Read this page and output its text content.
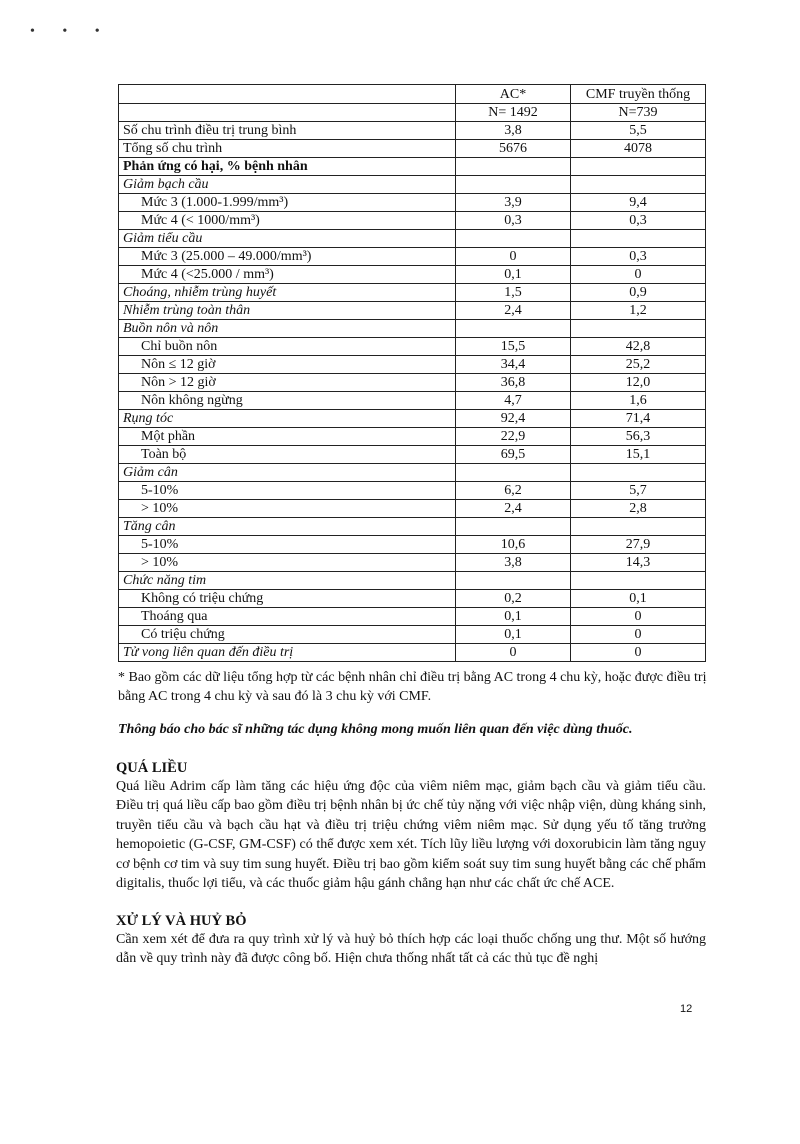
• • •
	AC*	CMF truyền thống
	N= 1492	N=739
Số chu trình điều trị trung bình	3,8	5,5
Tổng số chu trình	5676	4078
Phản ứng có hại, % bệnh nhân		
Giảm bạch cầu		
Mức 3 (1.000-1.999/mm³)	3,9	9,4
Mức 4 (< 1000/mm³)	0,3	0,3
Giảm tiểu cầu		
Mức 3 (25.000 – 49.000/mm³)	0	0,3
Mức 4 (<25.000 / mm³)	0,1	0
Choáng, nhiễm trùng huyết	1,5	0,9
Nhiễm trùng toàn thân	2,4	1,2
Buồn nôn và nôn		
Chỉ buồn nôn	15,5	42,8
Nôn ≤ 12 giờ	34,4	25,2
Nôn > 12 giờ	36,8	12,0
Nôn không ngừng	4,7	1,6
Rụng tóc	92,4	71,4
Một phần	22,9	56,3
Toàn bộ	69,5	15,1
Giảm cân		
5-10%	6,2	5,7
> 10%	2,4	2,8
Tăng cân		
5-10%	10,6	27,9
> 10%	3,8	14,3
Chức năng tim		
Không có triệu chứng	0,2	0,1
Thoáng qua	0,1	0
Có triệu chứng	0,1	0
Tử vong liên quan đến điều trị	0	0
* Bao gồm các dữ liệu tổng hợp từ các bệnh nhân chỉ điều trị bằng AC trong 4 chu kỳ, hoặc được điều trị bằng AC trong 4 chu kỳ và sau đó là 3 chu kỳ với CMF.
Thông báo cho bác sĩ những tác dụng không mong muốn liên quan đến việc dùng thuốc.
QUÁ LIỀU
Quá liều Adrim cấp làm tăng các hiệu ứng độc của viêm niêm mạc, giảm bạch cầu và giảm tiểu cầu. Điều trị quá liều cấp bao gồm điều trị bệnh nhân bị ức chế tủy nặng với việc nhập viện, dùng kháng sinh, truyền tiểu cầu và bạch cầu hạt và điều trị triệu chứng viêm niêm mạc. Sử dụng yếu tố tăng trưởng hemopoietic (G-CSF, GM-CSF) có thể được xem xét. Tích lũy liều lượng với doxorubicin làm tăng nguy cơ bệnh cơ tim và suy tim sung huyết. Điều trị bao gồm kiểm soát suy tim sung huyết bằng các chế phẩm digitalis, thuốc lợi tiểu, và các thuốc giảm hậu gánh chẳng hạn như các chất ức chế ACE.
XỬ LÝ VÀ HUỶ BỎ
Cần xem xét để đưa ra quy trình xử lý và huỷ bỏ thích hợp các loại thuốc chống ung thư. Một số hướng dẫn về quy trình này đã được công bố. Hiện chưa thống nhất tất cả các thủ tục đề nghị
12
